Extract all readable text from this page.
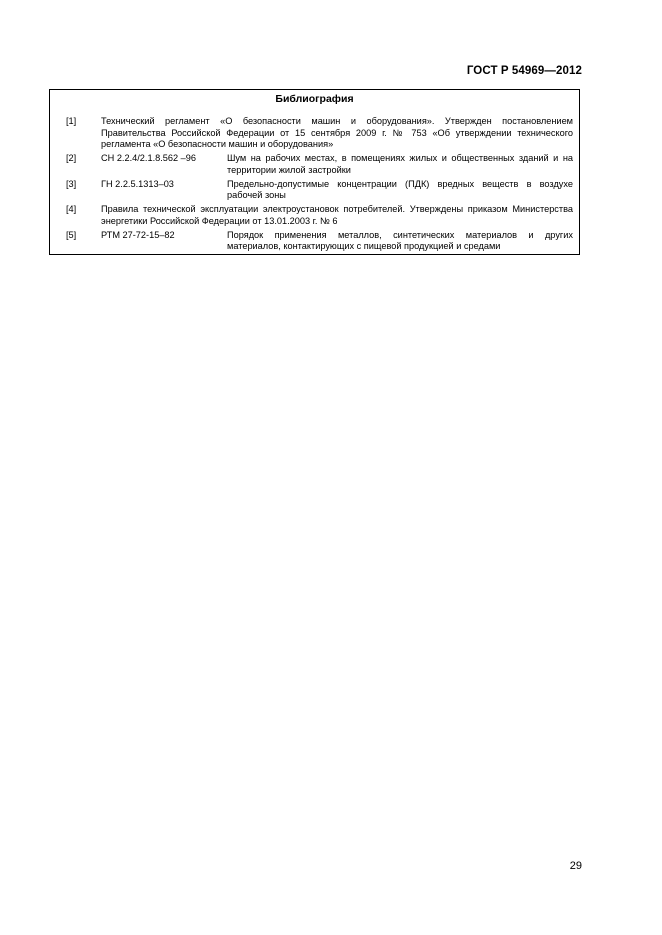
ГОСТ Р 54969—2012
Библиография
[1]	Технический регламент «О безопасности машин и оборудования». Утвержден постановлением Правительства Российской Федерации от 15 сентября 2009 г. № 753 «Об утверждении технического регламента «О безопасности машин и оборудования»
[2]	СН 2.2.4/2.1.8.562 –96	Шум на рабочих местах, в помещениях жилых и общественных зданий и на территории жилой застройки
[3]	ГН 2.2.5.1313–03	Предельно-допустимые концентрации (ПДК) вредных веществ в воздухе рабочей зоны
[4]	Правила технической эксплуатации электроустановок потребителей. Утверждены приказом Министерства энергетики Российской Федерации от 13.01.2003 г. № 6
[5]	РТМ 27-72-15–82	Порядок применения металлов, синтетических материалов и других материалов, контактирующих с пищевой продукцией и средами
29
